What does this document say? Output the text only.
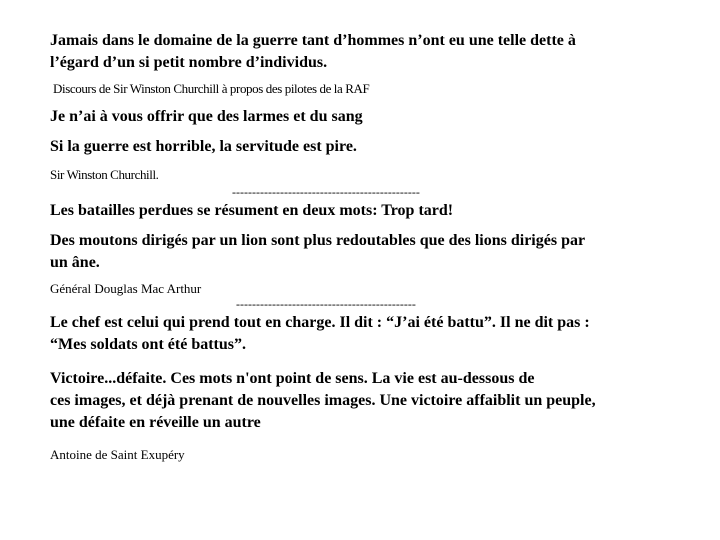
Jamais dans le domaine de la guerre tant d’hommes n’ont eu une telle dette à

l’égard d’un si petit nombre d’individus.

Discours de Sir Winston Churchill à propos des pilotes de la RAF

Je n’ai à vous offrir que des larmes et du sang

Si la guerre est horrible, la servitude est pire.

Sir Winston Churchill.

-----------------------------------------------

Les batailles perdues se résument en deux mots: Trop tard!

Des moutons dirigés par un lion sont plus redoutables que des lions dirigés par

un âne.

Général Douglas Mac Arthur

---------------------------------------------

Le chef est celui qui prend tout en charge. Il dit : “J’ai été battu”. Il ne dit pas :

“Mes soldats ont été battus”.

Victoire...défaite. Ces mots n'ont point de sens. La vie est au-dessous de

ces images, et déjà prenant de nouvelles images. Une victoire affaiblit un peuple,

une défaite en réveille un autre

Antoine de Saint Exupéry
